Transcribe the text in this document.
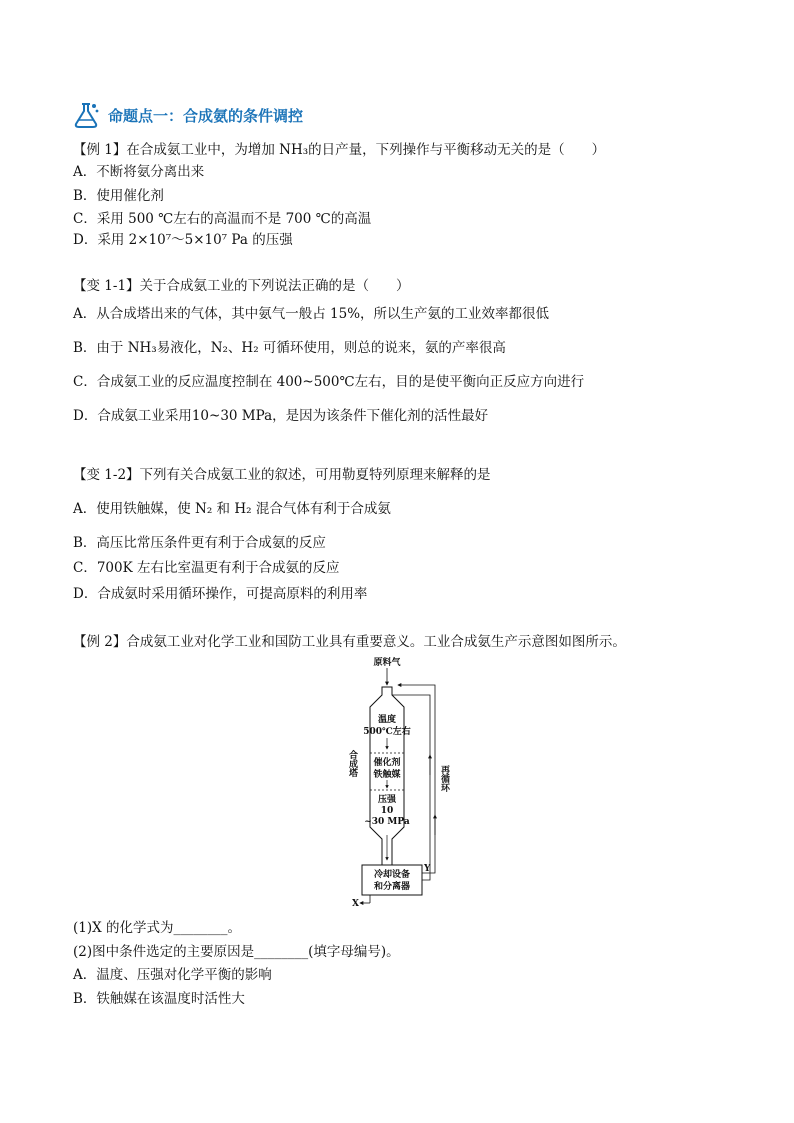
命题点一：合成氨的条件调控
【例 1】在合成氨工业中，为增加 NH₃的日产量，下列操作与平衡移动无关的是（　　）
A．不断将氨分离出来
B．使用催化剂
C．采用 500 ℃左右的高温而不是 700 ℃的高温
D．采用 2×10⁷～5×10⁷ Pa 的压强
【变 1-1】关于合成氨工业的下列说法正确的是（　　）
A．从合成塔出来的气体，其中氨气一般占 15%，所以生产氨的工业效率都很低
B．由于 NH₃易液化，N₂、H₂ 可循环使用，则总的说来，氨的产率很高
C．合成氨工业的反应温度控制在 400~500℃左右，目的是使平衡向正反应方向进行
D．合成氨工业采用10~30 MPa，是因为该条件下催化剂的活性最好
【变 1-2】下列有关合成氨工业的叙述，可用勒夏特列原理来解释的是
A．使用铁触媒，使 N₂ 和 H₂ 混合气体有利于合成氨
B．高压比常压条件更有利于合成氨的反应
C．700K 左右比室温更有利于合成氨的反应
D．合成氨时采用循环操作，可提高原料的利用率
【例 2】合成氨工业对化学工业和国防工业具有重要意义。工业合成氨生产示意图如图所示。
原料气
温度
500℃左右
催化剂
铁触媒
压强
10
~30 MPa
合成塔
冷却设备
和分离器
X
Y
再循环
(1)X 的化学式为________。
(2)图中条件选定的主要原因是________(填字母编号)。
A．温度、压强对化学平衡的影响
B．铁触媒在该温度时活性大
